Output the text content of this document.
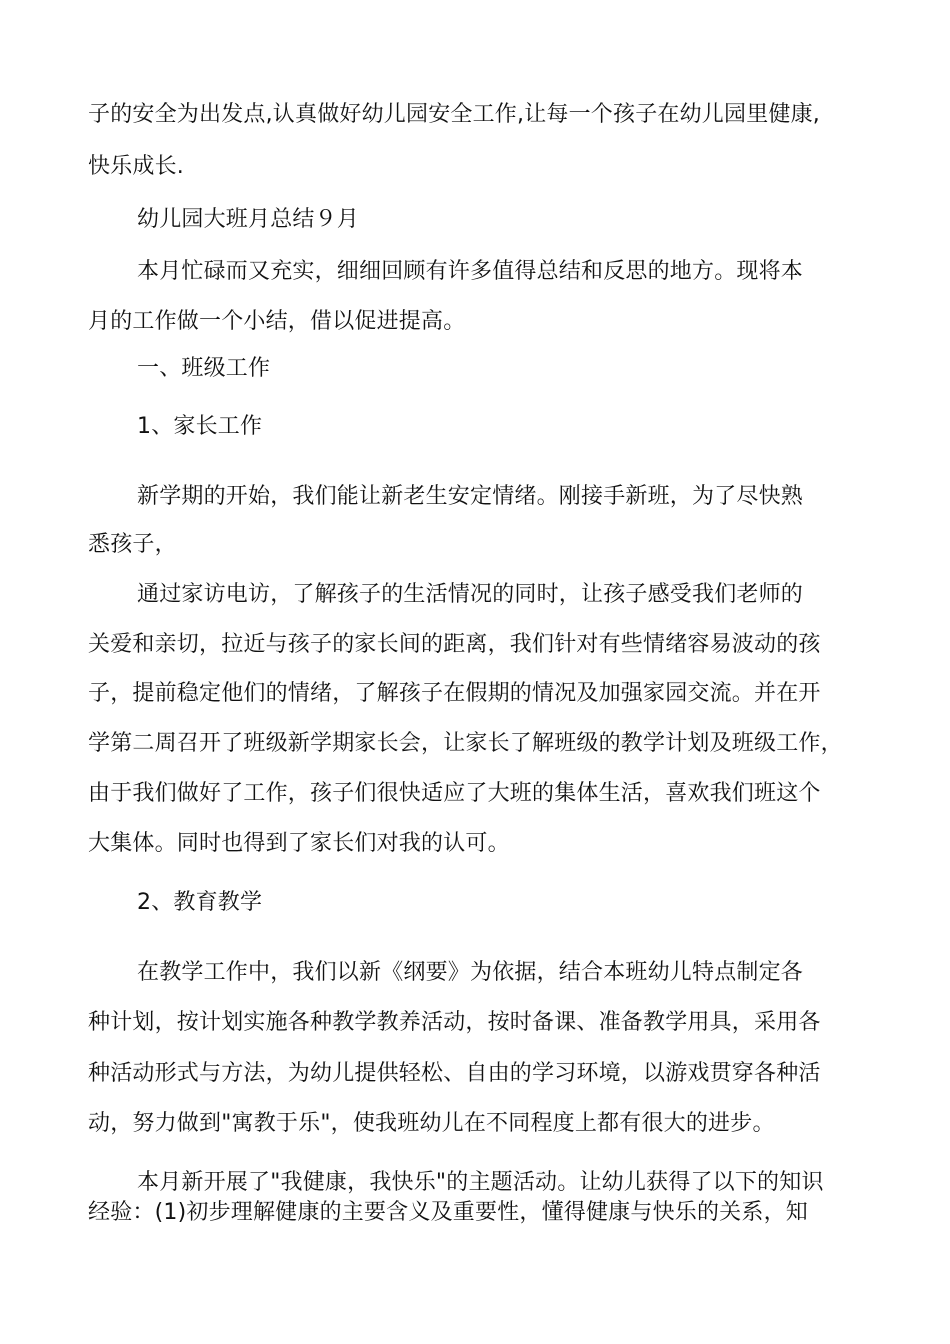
子的安全为出发点,认真做好幼儿园安全工作,让每一个孩子在幼儿园里健康,
快乐成长.
幼儿园大班月总结９月
本月忙碌而又充实，细细回顾有许多值得总结和反思的地方。现将本
月的工作做一个小结，借以促进提高。
一、班级工作
1、家长工作
新学期的开始，我们能让新老生安定情绪。刚接手新班，为了尽快熟
悉孩子，
通过家访电访，了解孩子的生活情况的同时，让孩子感受我们老师的
关爱和亲切，拉近与孩子的家长间的距离，我们针对有些情绪容易波动的孩
子，提前稳定他们的情绪，了解孩子在假期的情况及加强家园交流。并在开
学第二周召开了班级新学期家长会，让家长了解班级的教学计划及班级工作，
由于我们做好了工作，孩子们很快适应了大班的集体生活，喜欢我们班这个
大集体。同时也得到了家长们对我的认可。
2、教育教学
在教学工作中，我们以新《纲要》为依据，结合本班幼儿特点制定各
种计划，按计划实施各种教学教养活动，按时备课、准备教学用具，采用各
种活动形式与方法，为幼儿提供轻松、自由的学习环境，以游戏贯穿各种活
动，努力做到"寓教于乐"，使我班幼儿在不同程度上都有很大的进步。
本月新开展了"我健康，我快乐"的主题活动。让幼儿获得了以下的知识
经验：(1)初步理解健康的主要含义及重要性，懂得健康与快乐的关系，知
